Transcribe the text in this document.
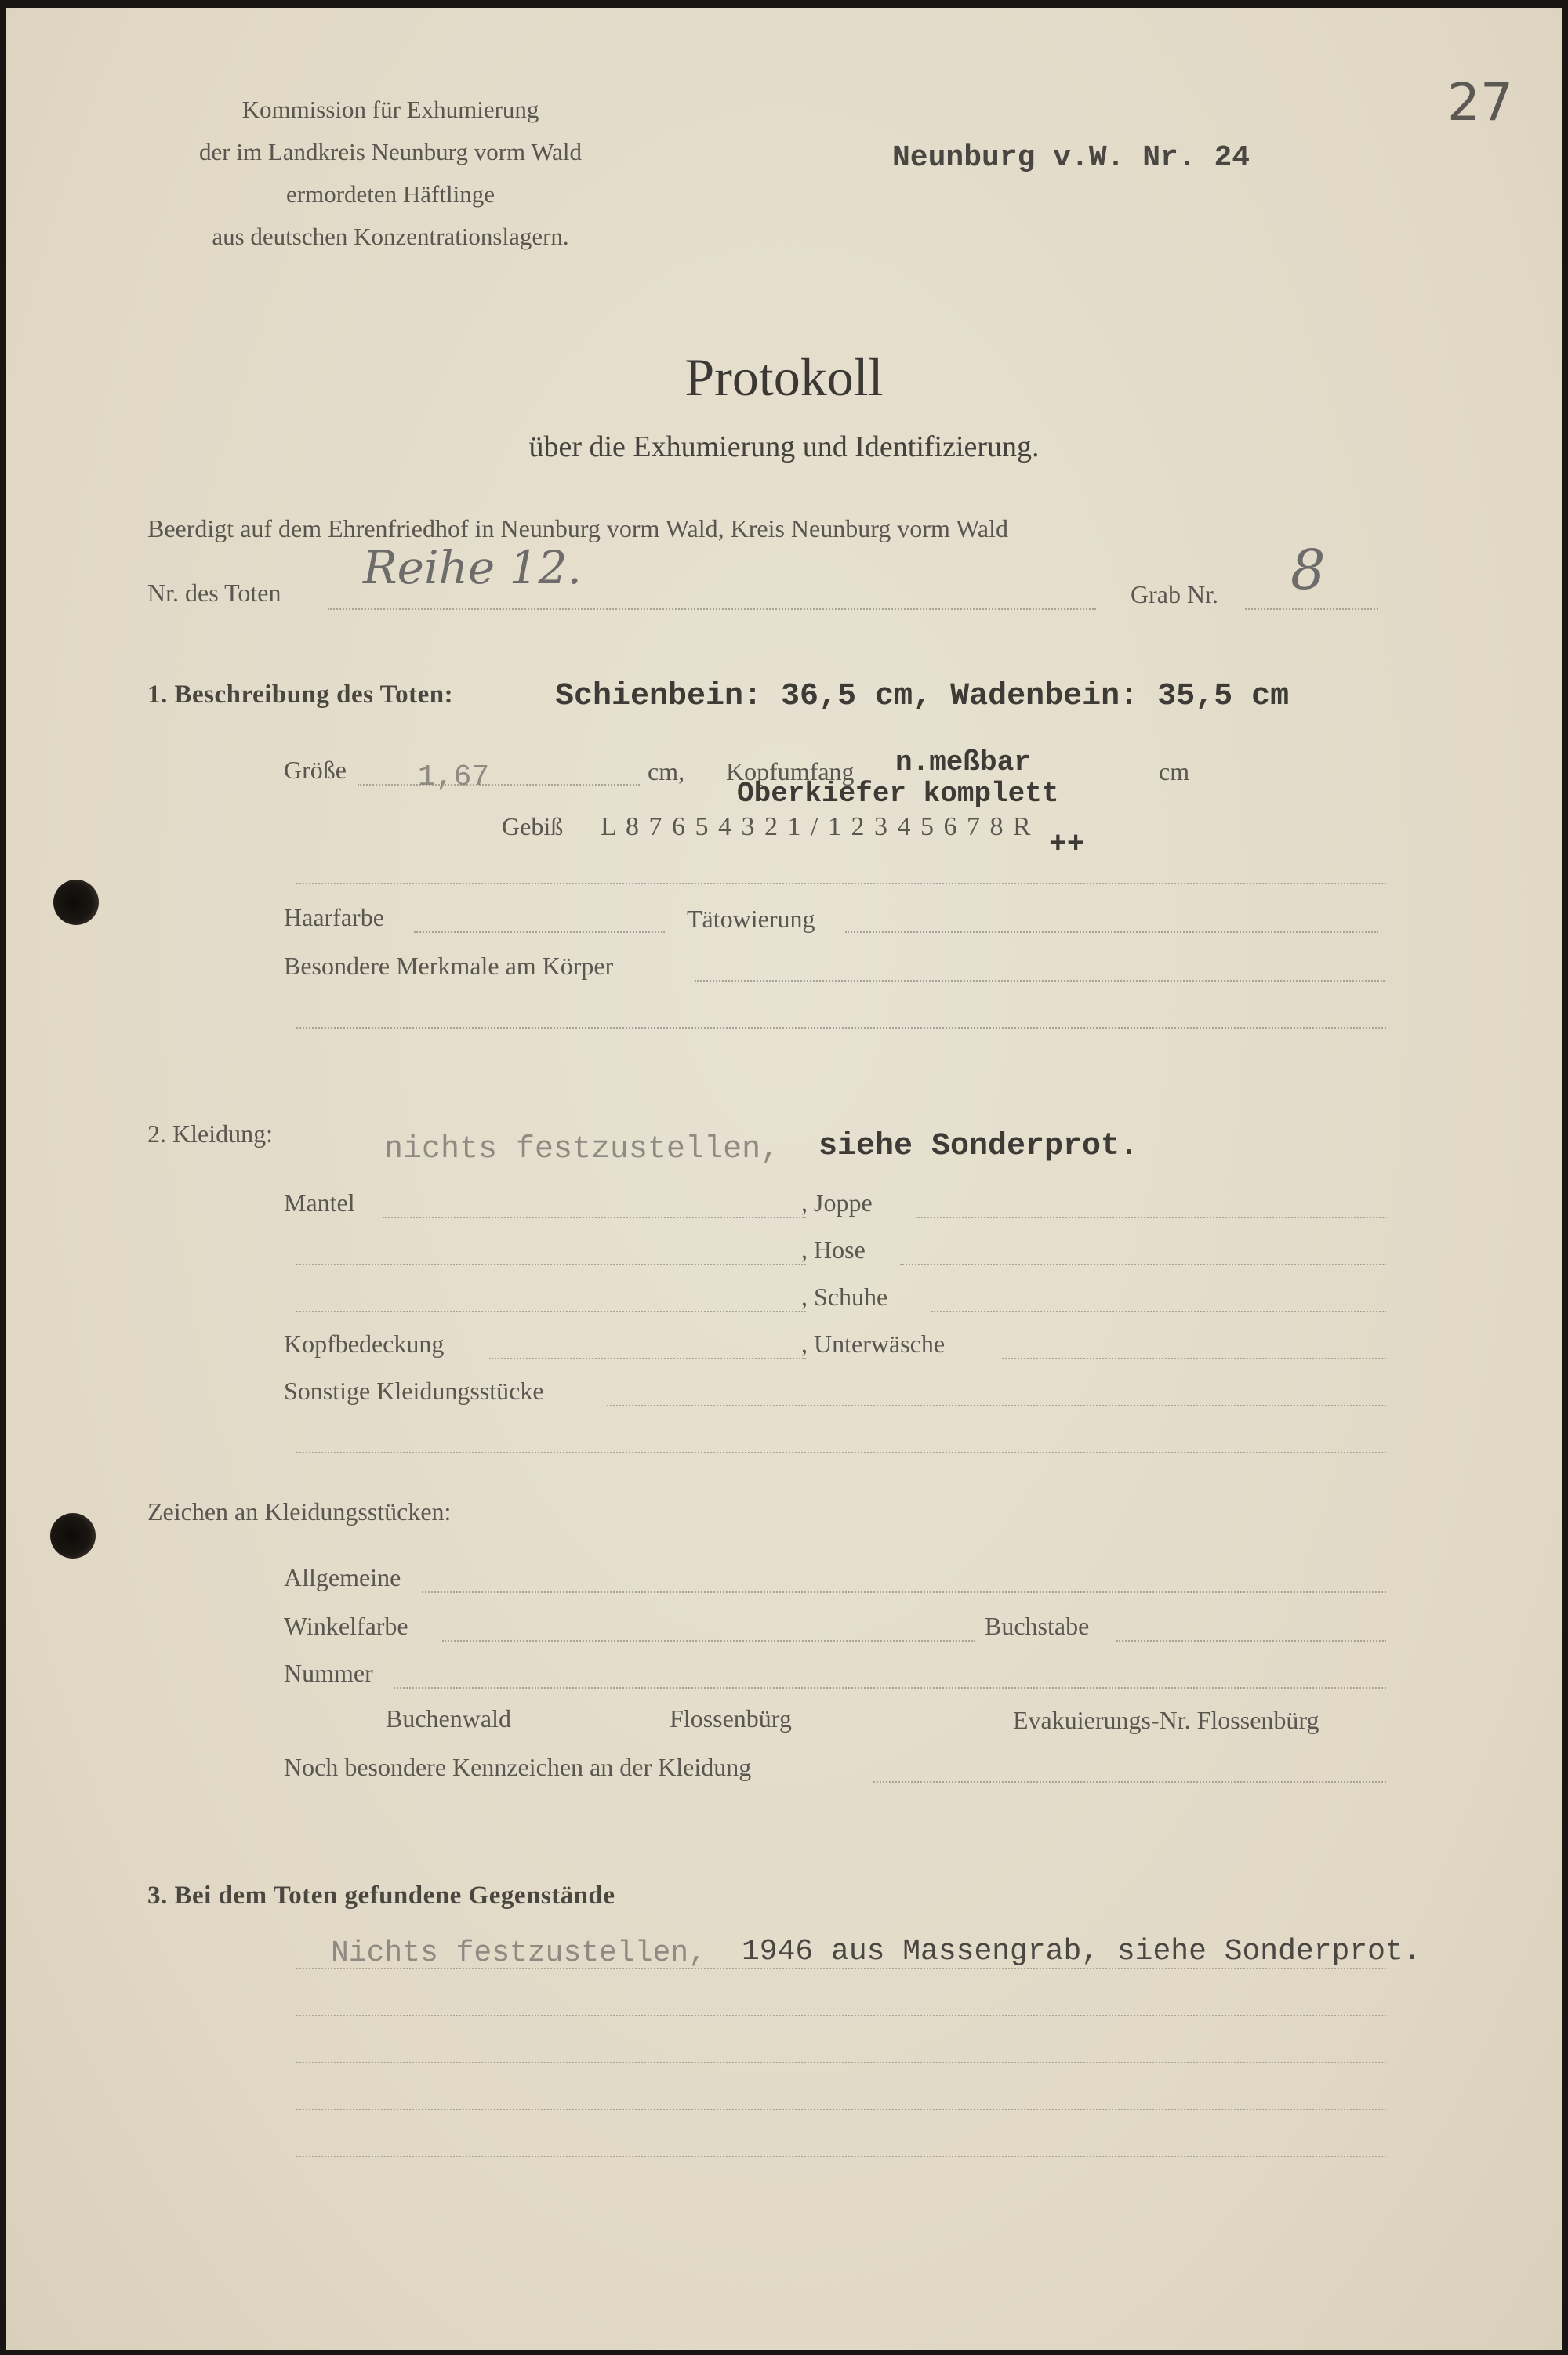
27
Kommission für Exhumierung
der im Landkreis Neunburg vorm Wald
ermordeten Häftlinge
aus deutschen Konzentrationslagern.
Neunburg v.W. Nr. 24
Protokoll
über die Exhumierung und Identifizierung.
Beerdigt auf dem Ehrenfriedhof in Neunburg vorm Wald, Kreis Neunburg vorm Wald
Nr. des Toten Reihe 12.	Grab Nr. 8
1. Beschreibung des Toten:	Schienbein: 36,5 cm, Wadenbein: 35,5 cm
Größe 1,67	cm, Kopfumfang n.meßbar	cm
Oberkiefer komplett
Gebiß L 8 7 6 5 4 3 2 1 / 1 2 3 4 5 6 7 8 R
++
Haarfarbe	Tätowierung
Besondere Merkmale am Körper
2. Kleidung:	nichts festzustellen, siehe Sonderprot.
Mantel	, Joppe
, Hose
, Schuhe
Kopfbedeckung	, Unterwäsche
Sonstige Kleidungsstücke
Zeichen an Kleidungsstücken:
Allgemeine
Winkelfarbe	Buchstabe
Nummer
Buchenwald	Flossenbürg	Evakuierungs-Nr. Flossenbürg
Noch besondere Kennzeichen an der Kleidung
3. Bei dem Toten gefundene Gegenstände
Nichts festzustellen, 1946 aus Massengrab, siehe Sonderprot.
